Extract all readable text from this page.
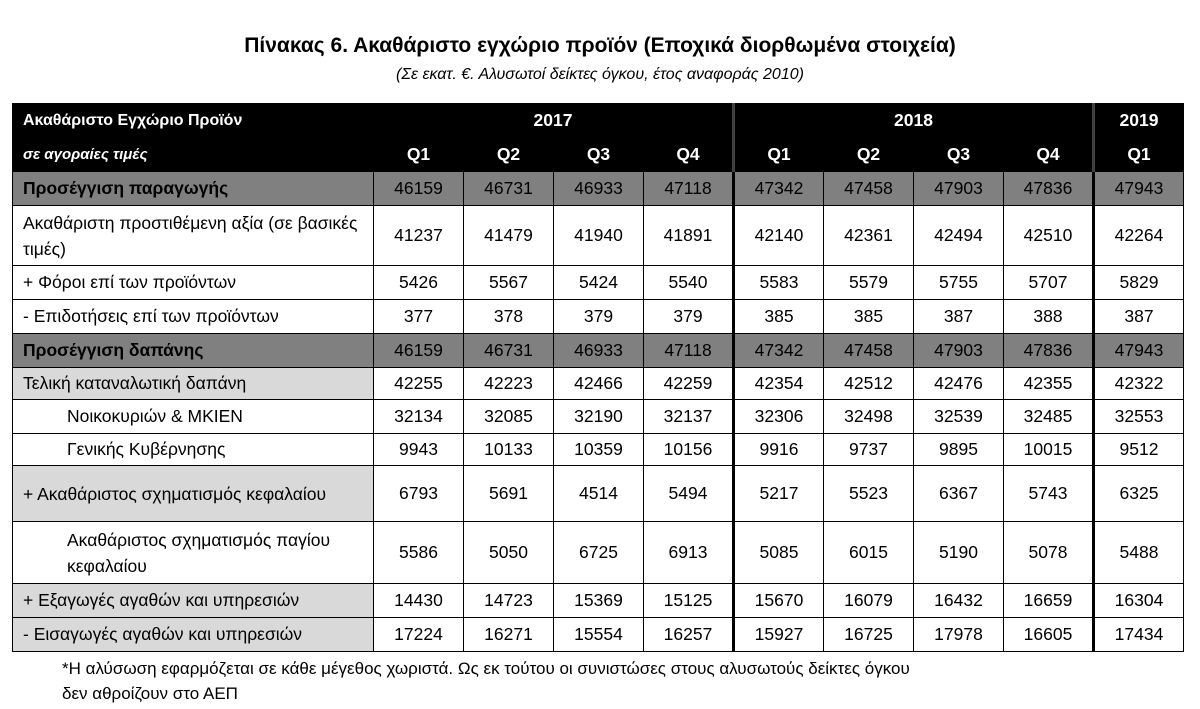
Πίνακας 6. Ακαθάριστο εγχώριο προϊόν (Εποχικά διορθωμένα στοιχεία)
(Σε εκατ. €. Αλυσωτοί δείκτες όγκου, έτος αναφοράς 2010)
Ακαθάριστο Εγχώριο Προϊόν	2017				2018				2019
σε αγοραίες τιμές	Q1	Q2	Q3	Q4	Q1	Q2	Q3	Q4	Q1
Προσέγγιση παραγωγής	46159	46731	46933	47118	47342	47458	47903	47836	47943
Ακαθάριστη προστιθέμενη αξία (σε βασικές τιμές)	41237	41479	41940	41891	42140	42361	42494	42510	42264
+ Φόροι επί των προϊόντων	5426	5567	5424	5540	5583	5579	5755	5707	5829
- Επιδοτήσεις επί των προϊόντων	377	378	379	379	385	385	387	388	387
Προσέγγιση δαπάνης	46159	46731	46933	47118	47342	47458	47903	47836	47943
Τελική καταναλωτική δαπάνη	42255	42223	42466	42259	42354	42512	42476	42355	42322
Νοικοκυριών & ΜΚΙΕΝ	32134	32085	32190	32137	32306	32498	32539	32485	32553
Γενικής Κυβέρνησης	9943	10133	10359	10156	9916	9737	9895	10015	9512
+ Ακαθάριστος σχηματισμός κεφαλαίου	6793	5691	4514	5494	5217	5523	6367	5743	6325
Ακαθάριστος σχηματισμός παγίου κεφαλαίου	5586	5050	6725	6913	5085	6015	5190	5078	5488
+ Εξαγωγές αγαθών και υπηρεσιών	14430	14723	15369	15125	15670	16079	16432	16659	16304
- Εισαγωγές αγαθών και υπηρεσιών	17224	16271	15554	16257	15927	16725	17978	16605	17434
*Η αλύσωση εφαρμόζεται σε κάθε μέγεθος χωριστά. Ως εκ τούτου οι συνιστώσες στους αλυσωτούς δείκτες όγκου
δεν αθροίζουν στο ΑΕΠ
